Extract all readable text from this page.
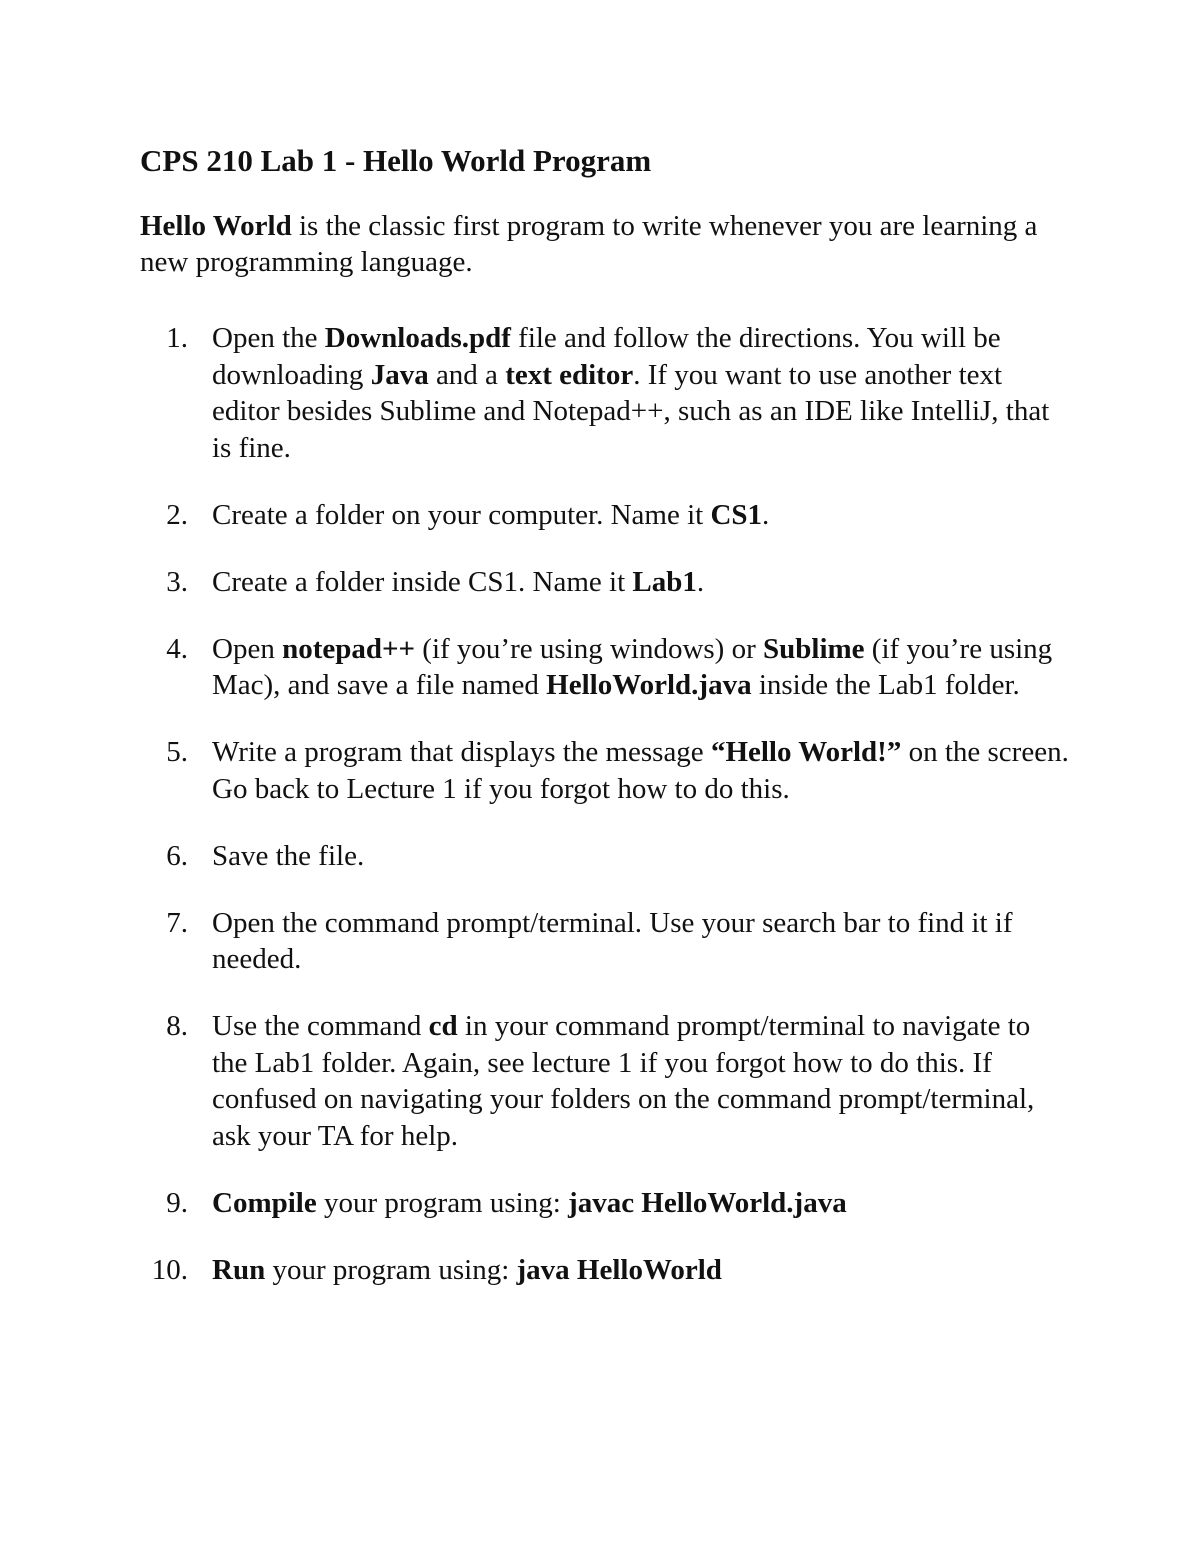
CPS 210 Lab 1 - Hello World Program

Hello World is the classic first program to write whenever you are learning a new programming language.

1. Open the Downloads.pdf file and follow the directions. You will be downloading Java and a text editor. If you want to use another text editor besides Sublime and Notepad++, such as an IDE like IntelliJ, that is fine.
2. Create a folder on your computer. Name it CS1.
3. Create a folder inside CS1. Name it Lab1.
4. Open notepad++ (if you’re using windows) or Sublime (if you’re using Mac), and save a file named HelloWorld.java inside the Lab1 folder.
5. Write a program that displays the message “Hello World!” on the screen. Go back to Lecture 1 if you forgot how to do this.
6. Save the file.
7. Open the command prompt/terminal. Use your search bar to find it if needed.
8. Use the command cd in your command prompt/terminal to navigate to the Lab1 folder. Again, see lecture 1 if you forgot how to do this. If confused on navigating your folders on the command prompt/terminal, ask your TA for help.
9. Compile your program using: javac HelloWorld.java
10. Run your program using: java HelloWorld
